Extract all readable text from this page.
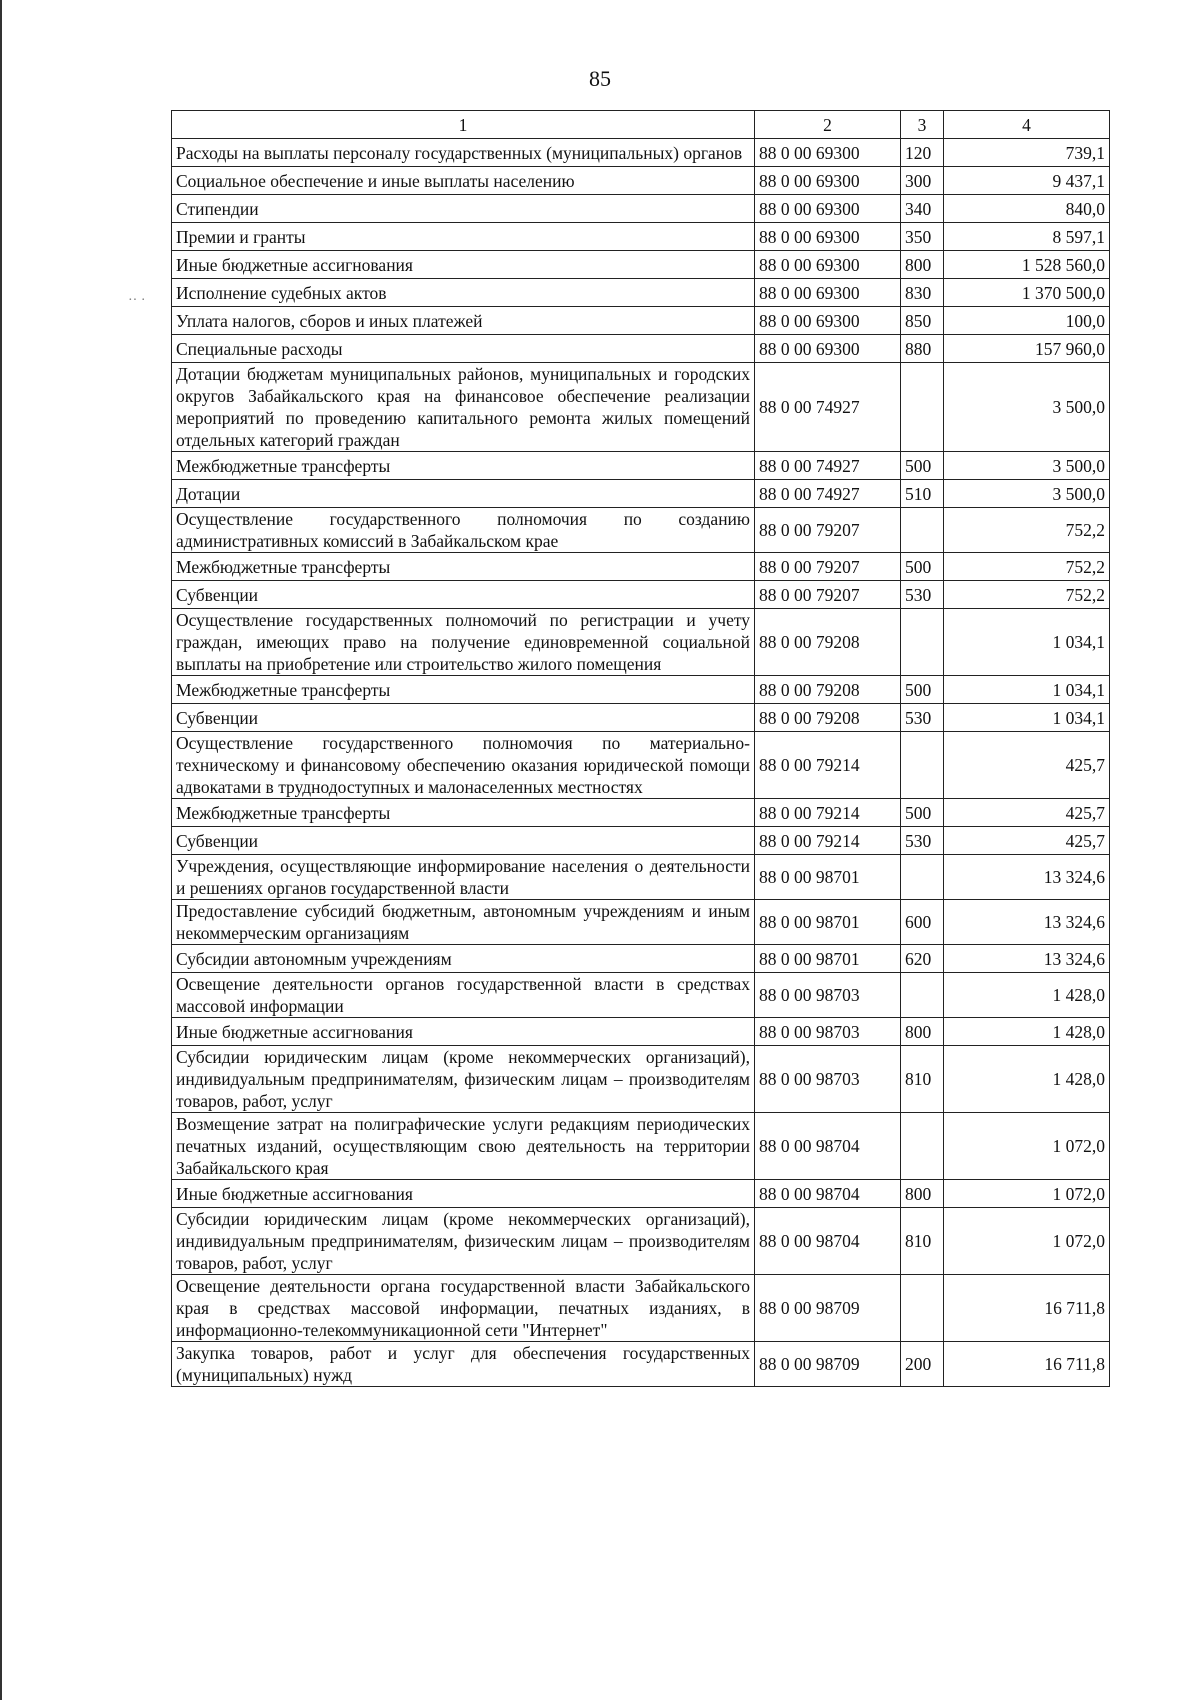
·· ·
85
1	2	3	4
Расходы на выплаты персоналу государственных (муниципальных) органов	88 0 00 69300	120	739,1
Социальное обеспечение и иные выплаты населению	88 0 00 69300	300	9 437,1
Стипендии	88 0 00 69300	340	840,0
Премии и гранты	88 0 00 69300	350	8 597,1
Иные бюджетные ассигнования	88 0 00 69300	800	1 528 560,0
Исполнение судебных актов	88 0 00 69300	830	1 370 500,0
Уплата налогов, сборов и иных платежей	88 0 00 69300	850	100,0
Специальные расходы	88 0 00 69300	880	157 960,0
Дотации бюджетам муниципальных районов, муниципальных и городских округов Забайкальского края на финансовое обеспечение реализации мероприятий по проведению капитального ремонта жилых помещений отдельных категорий граждан	88 0 00 74927		3 500,0
Межбюджетные трансферты	88 0 00 74927	500	3 500,0
Дотации	88 0 00 74927	510	3 500,0
Осуществление государственного полномочия по созданию административных комиссий в Забайкальском крае	88 0 00 79207		752,2
Межбюджетные трансферты	88 0 00 79207	500	752,2
Субвенции	88 0 00 79207	530	752,2
Осуществление государственных полномочий по регистрации и учету граждан, имеющих право на получение единовременной социальной выплаты на приобретение или строительство жилого помещения	88 0 00 79208		1 034,1
Межбюджетные трансферты	88 0 00 79208	500	1 034,1
Субвенции	88 0 00 79208	530	1 034,1
Осуществление государственного полномочия по материально-техническому и финансовому обеспечению оказания юридической помощи адвокатами в труднодоступных и малонаселенных местностях	88 0 00 79214		425,7
Межбюджетные трансферты	88 0 00 79214	500	425,7
Субвенции	88 0 00 79214	530	425,7
Учреждения, осуществляющие информирование населения о деятельности и решениях органов государственной власти	88 0 00 98701		13 324,6
Предоставление субсидий бюджетным, автономным учреждениям и иным некоммерческим организациям	88 0 00 98701	600	13 324,6
Субсидии автономным учреждениям	88 0 00 98701	620	13 324,6
Освещение деятельности органов государственной власти в средствах массовой информации	88 0 00 98703		1 428,0
Иные бюджетные ассигнования	88 0 00 98703	800	1 428,0
Субсидии юридическим лицам (кроме некоммерческих организаций), индивидуальным предпринимателям, физическим лицам – производителям товаров, работ, услуг	88 0 00 98703	810	1 428,0
Возмещение затрат на полиграфические услуги редакциям периодических печатных изданий, осуществляющим свою деятельность на территории Забайкальского края	88 0 00 98704		1 072,0
Иные бюджетные ассигнования	88 0 00 98704	800	1 072,0
Субсидии юридическим лицам (кроме некоммерческих организаций), индивидуальным предпринимателям, физическим лицам – производителям товаров, работ, услуг	88 0 00 98704	810	1 072,0
Освещение деятельности органа государственной власти Забайкальского края в средствах массовой информации, печатных изданиях, в информационно-телекоммуникационной сети "Интернет"	88 0 00 98709		16 711,8
Закупка товаров, работ и услуг для обеспечения государственных (муниципальных) нужд	88 0 00 98709	200	16 711,8
